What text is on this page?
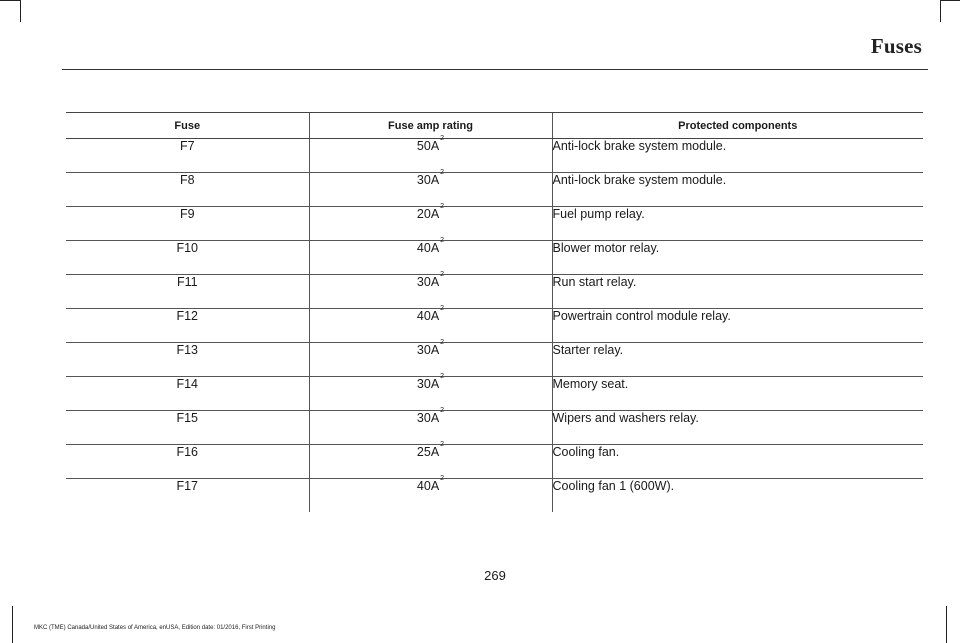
Fuses
Fuse	Fuse amp rating	Protected components
F7	$50A^2$	Anti-lock brake system module.
F8	$30A^2$	Anti-lock brake system module.
F9	$20A^2$	Fuel pump relay.
F10	$40A^2$	Blower motor relay.
F11	$30A^2$	Run start relay.
F12	$40A^2$	Powertrain control module relay.
F13	$30A^2$	Starter relay.
F14	$30A^2$	Memory seat.
F15	$30A^2$	Wipers and washers relay.
F16	$25A^2$	Cooling fan.
F17	$40A^2$	Cooling fan 1 (600W).
269
MKC (TME) Canada/United States of America, enUSA, Edition date: 01/2016, First Printing
